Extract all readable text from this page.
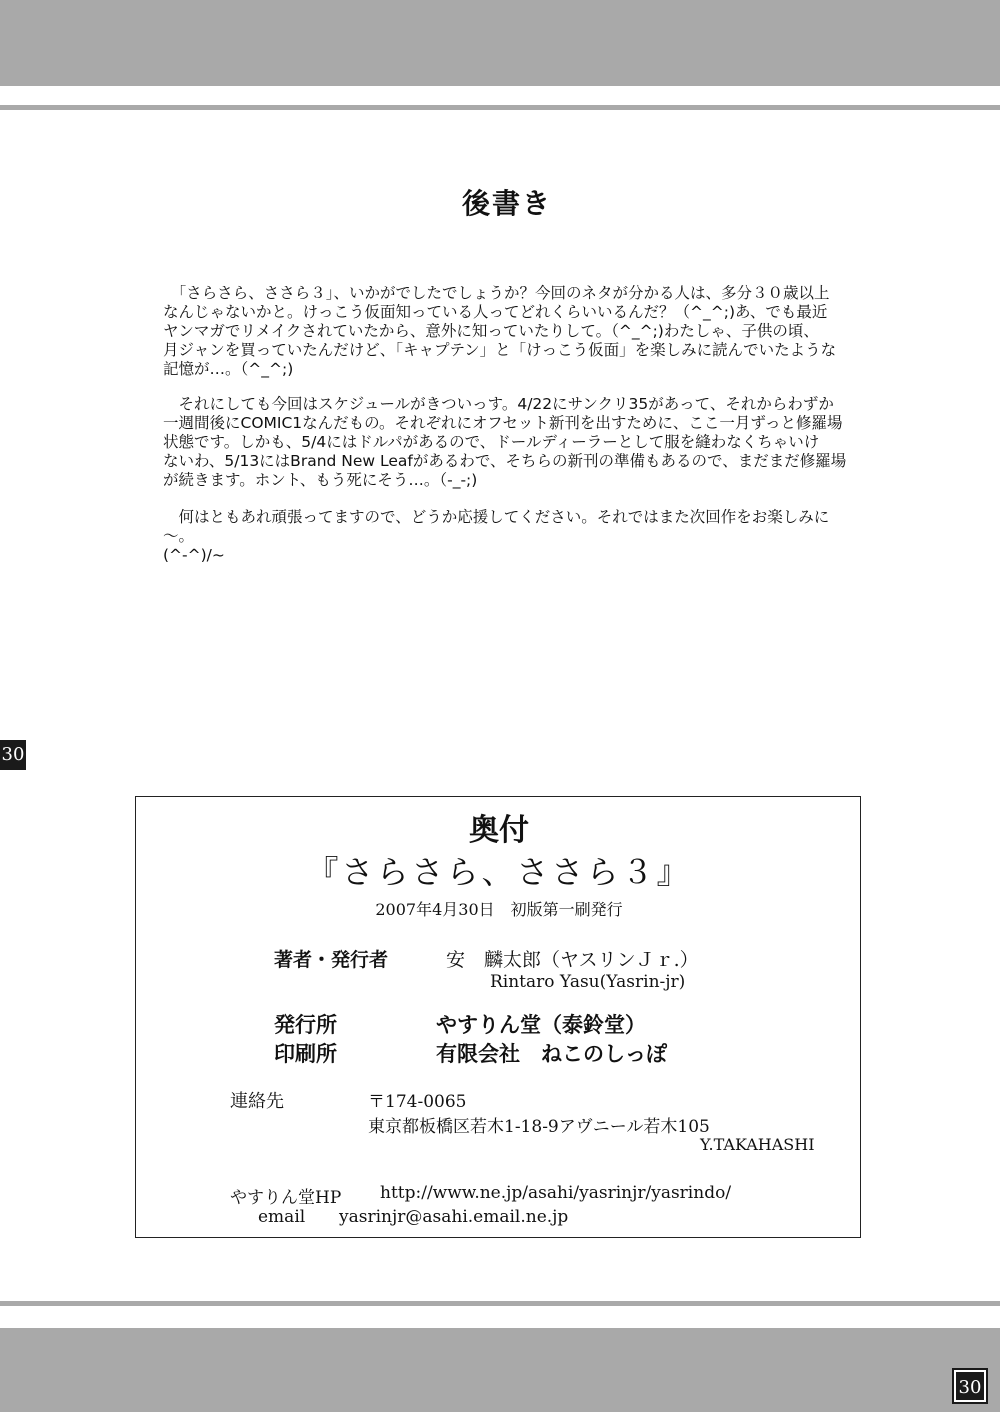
後書き
　「さらさら、ささら３」、いかがでしたでしょうか？今回のネタが分かる人は、多分３０歳以上
なんじゃないかと。けっこう仮面知っている人ってどれくらいいるんだ？（^_^;)あ、でも最近
ヤンマガでリメイクされていたから、意外に知っていたりして。（^_^;)わたしゃ、子供の頃、
月ジャンを買っていたんだけど、「キャプテン」と「けっこう仮面」を楽しみに読んでいたような
記憶が…。（^_^;)
　それにしても今回はスケジュールがきついっす。4/22にサンクリ35があって、それからわずか
一週間後にCOMIC1なんだもの。それぞれにオフセット新刊を出すために、ここ一月ずっと修羅場
状態です。しかも、5/4にはドルパがあるので、ドールディーラーとして服を縫わなくちゃいけ
ないわ、5/13にはBrand New Leafがあるわで、そちらの新刊の準備もあるので、まだまだ修羅場
が続きます。ホント、もう死にそう…。（-_-;)
　何はともあれ頑張ってますので、どうか応援してください。それではまた次回作をお楽しみに～。
(^-^)/~
30
奥付
『さらさら、ささら３』
2007年4月30日　初版第一刷発行
著者・発行者	安　麟太郎（ヤスリンＪｒ.）
Rintaro Yasu(Yasrin-jr)
発行所	やすりん堂（泰鈴堂）
印刷所	有限会社　ねこのしっぽ
連絡先	〒174-0065
東京都板橋区若木1-18-9アヴニール若木105
Y.TAKAHASHI
やすりん堂HP http://www.ne.jp/asahi/yasrinjr/yasrindo/
email yasrinjr@asahi.email.ne.jp
30
